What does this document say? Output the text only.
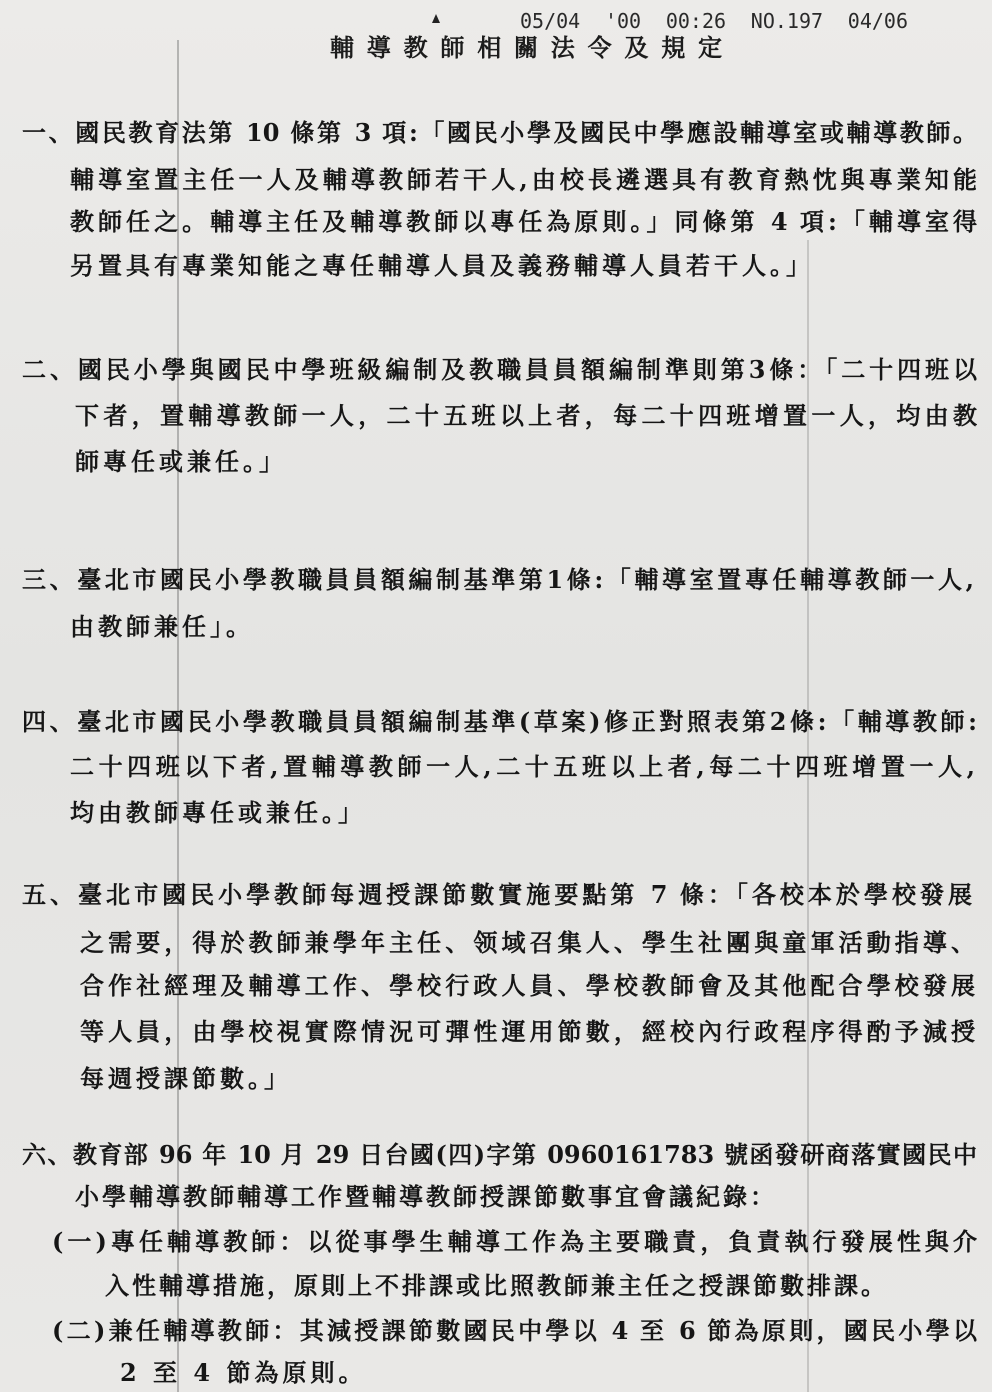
05/04 '00 00:26 NO.197 04/06
輔導教師相關法令及規定
一、國民教育法第 10 條第 3 項:「國民小學及國民中學應設輔導室或輔導教師。
輔導室置主任一人及輔導教師若干人,由校長遴選具有教育熱忱與專業知能
教師任之。輔導主任及輔導教師以專任為原則。」同條第 4 項:「輔導室得
另置具有專業知能之專任輔導人員及義務輔導人員若干人。」
二、國民小學與國民中學班級編制及教職員員額編制準則第3條：「二十四班以
下者，置輔導教師一人，二十五班以上者，每二十四班增置一人，均由教
師專任或兼任。」
三、臺北市國民小學教職員員額編制基準第1條:「輔導室置專任輔導教師一人,
由教師兼任」。
四、臺北市國民小學教職員員額編制基準(草案)修正對照表第2條:「輔導教師:
二十四班以下者,置輔導教師一人,二十五班以上者,每二十四班增置一人,
均由教師專任或兼任。」
五、臺北市國民小學教師每週授課節數實施要點第 7 條：「各校本於學校發展
之需要，得於教師兼學年主任、领域召集人、學生社團與童軍活動指導、
合作社經理及輔導工作、學校行政人員、學校教師會及其他配合學校發展
等人員，由學校視實際情況可彈性運用節數，經校內行政程序得酌予減授
每週授課節數。」
六、教育部 96 年 10 月 29 日台國(四)字第 0960161783 號函發研商落實國民中
小學輔導教師輔導工作暨輔導教師授課節數事宜會議紀錄：
(一)專任輔導教師：以從事學生輔導工作為主要職責，負責執行發展性與介
入性輔導措施，原則上不排課或比照教師兼主任之授課節數排課。
(二)兼任輔導教師：其減授課節數國民中學以 4 至 6 節為原則，國民小學以
2 至 4 節為原則。
